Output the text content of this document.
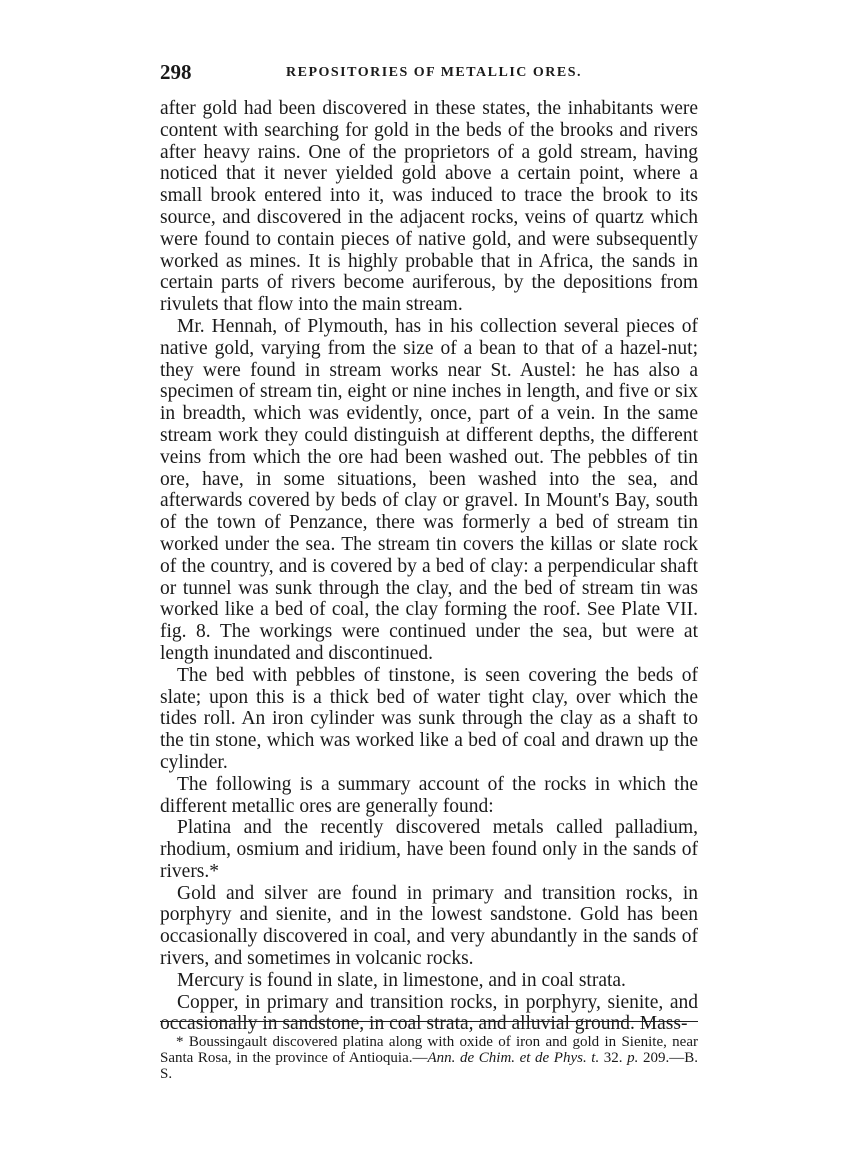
298	REPOSITORIES OF METALLIC ORES.

after gold had been discovered in these states, the inhabitants were content with searching for gold in the beds of the brooks and rivers after heavy rains. One of the proprietors of a gold stream, having noticed that it never yielded gold above a certain point, where a small brook entered into it, was induced to trace the brook to its source, and discovered in the adjacent rocks, veins of quartz which were found to contain pieces of native gold, and were subsequently worked as mines. It is highly probable that in Africa, the sands in certain parts of rivers become auriferous, by the depositions from rivulets that flow into the main stream.

Mr. Hennah, of Plymouth, has in his collection several pieces of native gold, varying from the size of a bean to that of a hazel-nut; they were found in stream works near St. Austel: he has also a specimen of stream tin, eight or nine inches in length, and five or six in breadth, which was evidently, once, part of a vein. In the same stream work they could distinguish at different depths, the different veins from which the ore had been washed out. The pebbles of tin ore, have, in some situations, been washed into the sea, and afterwards covered by beds of clay or gravel. In Mount's Bay, south of the town of Penzance, there was formerly a bed of stream tin worked under the sea. The stream tin covers the killas or slate rock of the country, and is covered by a bed of clay: a perpendicular shaft or tunnel was sunk through the clay, and the bed of stream tin was worked like a bed of coal, the clay forming the roof. See Plate VII. fig. 8. The workings were continued under the sea, but were at length inundated and discontinued.

The bed with pebbles of tinstone, is seen covering the beds of slate; upon this is a thick bed of water tight clay, over which the tides roll. An iron cylinder was sunk through the clay as a shaft to the tin stone, which was worked like a bed of coal and drawn up the cylinder.

The following is a summary account of the rocks in which the different metallic ores are generally found:

Platina and the recently discovered metals called palladium, rhodium, osmium and iridium, have been found only in the sands of rivers.*

Gold and silver are found in primary and transition rocks, in porphyry and sienite, and in the lowest sandstone. Gold has been occasionally discovered in coal, and very abundantly in the sands of rivers, and sometimes in volcanic rocks.

Mercury is found in slate, in limestone, and in coal strata.

Copper, in primary and transition rocks, in porphyry, sienite, and occasionally in sandstone, in coal strata, and alluvial ground. Mass-

* Boussingault discovered platina along with oxide of iron and gold in Sienite, near Santa Rosa, in the province of Antioquia.—Ann. de Chim. et de Phys. t. 32. p. 209.—B. S.
